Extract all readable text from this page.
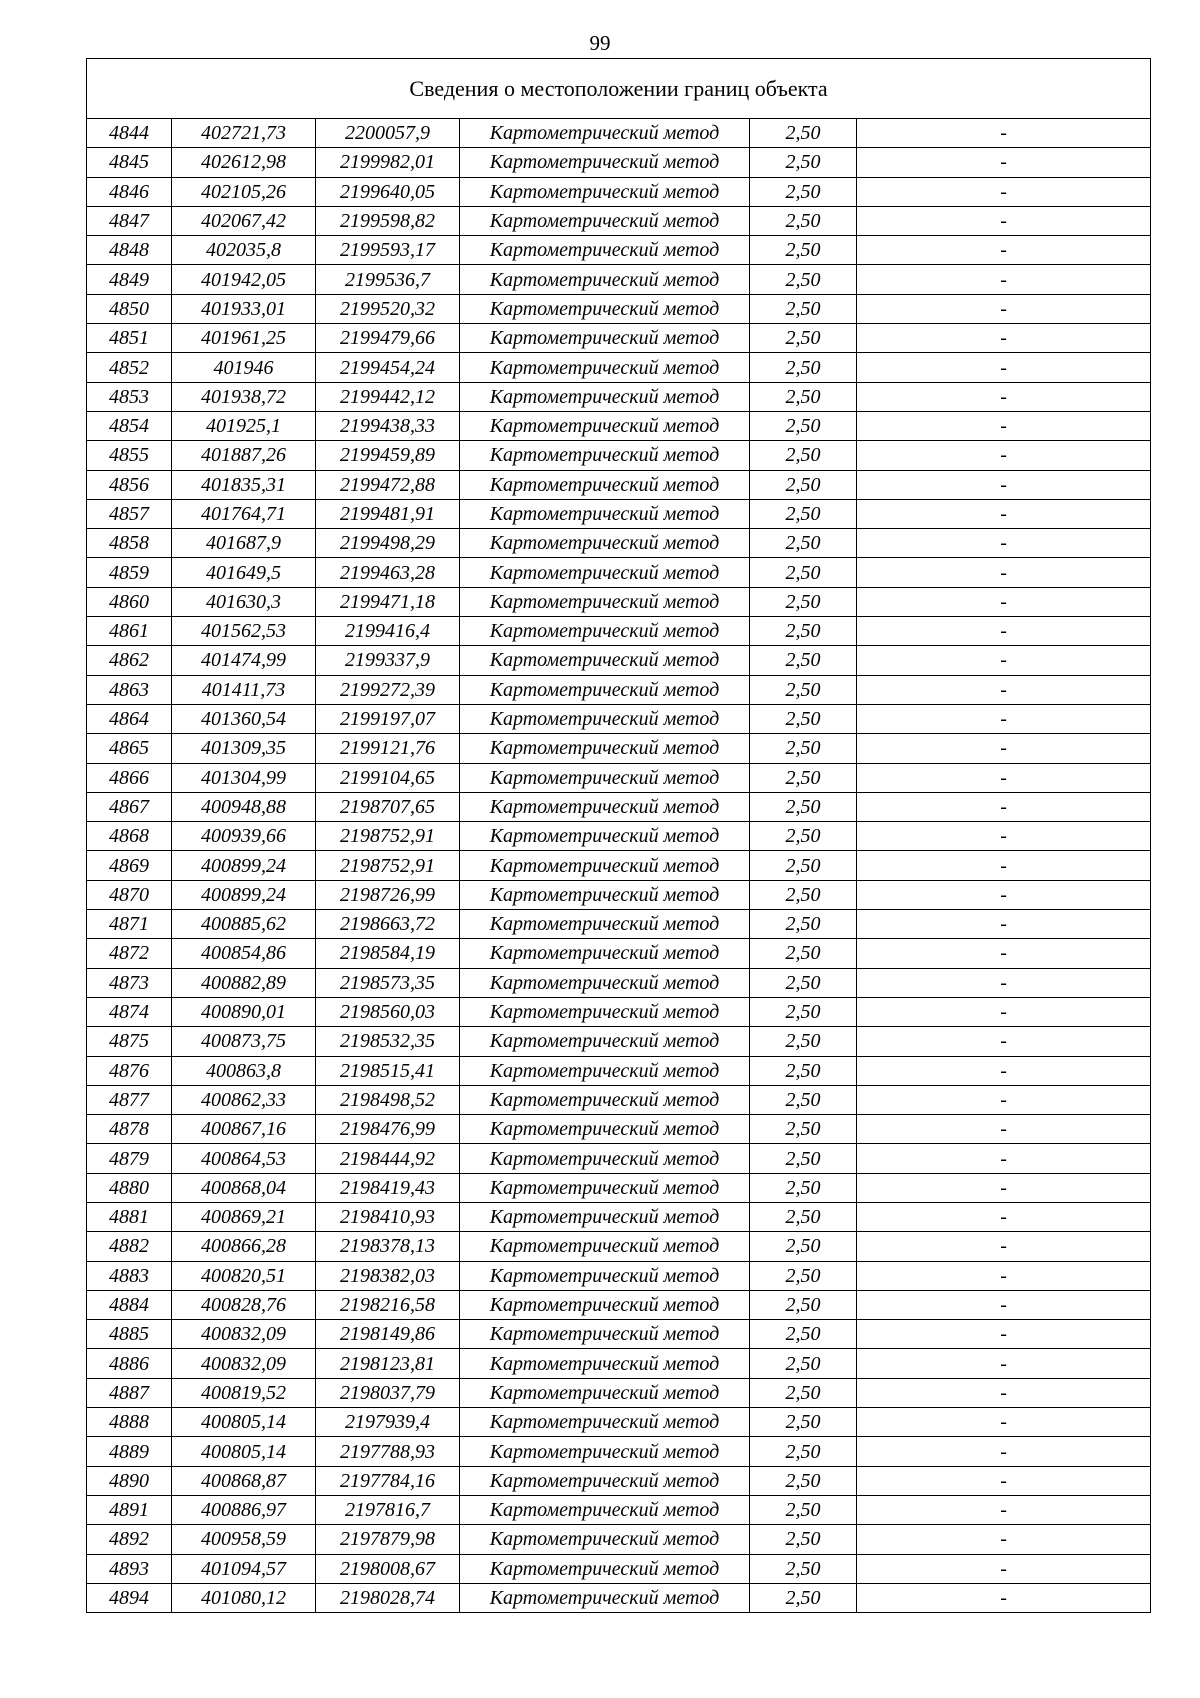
99
Сведения о местоположении границ объекта					
4844	402721,73	2200057,9	Картометрический метод	2,50	-
4845	402612,98	2199982,01	Картометрический метод	2,50	-
4846	402105,26	2199640,05	Картометрический метод	2,50	-
4847	402067,42	2199598,82	Картометрический метод	2,50	-
4848	402035,8	2199593,17	Картометрический метод	2,50	-
4849	401942,05	2199536,7	Картометрический метод	2,50	-
4850	401933,01	2199520,32	Картометрический метод	2,50	-
4851	401961,25	2199479,66	Картометрический метод	2,50	-
4852	401946	2199454,24	Картометрический метод	2,50	-
4853	401938,72	2199442,12	Картометрический метод	2,50	-
4854	401925,1	2199438,33	Картометрический метод	2,50	-
4855	401887,26	2199459,89	Картометрический метод	2,50	-
4856	401835,31	2199472,88	Картометрический метод	2,50	-
4857	401764,71	2199481,91	Картометрический метод	2,50	-
4858	401687,9	2199498,29	Картометрический метод	2,50	-
4859	401649,5	2199463,28	Картометрический метод	2,50	-
4860	401630,3	2199471,18	Картометрический метод	2,50	-
4861	401562,53	2199416,4	Картометрический метод	2,50	-
4862	401474,99	2199337,9	Картометрический метод	2,50	-
4863	401411,73	2199272,39	Картометрический метод	2,50	-
4864	401360,54	2199197,07	Картометрический метод	2,50	-
4865	401309,35	2199121,76	Картометрический метод	2,50	-
4866	401304,99	2199104,65	Картометрический метод	2,50	-
4867	400948,88	2198707,65	Картометрический метод	2,50	-
4868	400939,66	2198752,91	Картометрический метод	2,50	-
4869	400899,24	2198752,91	Картометрический метод	2,50	-
4870	400899,24	2198726,99	Картометрический метод	2,50	-
4871	400885,62	2198663,72	Картометрический метод	2,50	-
4872	400854,86	2198584,19	Картометрический метод	2,50	-
4873	400882,89	2198573,35	Картометрический метод	2,50	-
4874	400890,01	2198560,03	Картометрический метод	2,50	-
4875	400873,75	2198532,35	Картометрический метод	2,50	-
4876	400863,8	2198515,41	Картометрический метод	2,50	-
4877	400862,33	2198498,52	Картометрический метод	2,50	-
4878	400867,16	2198476,99	Картометрический метод	2,50	-
4879	400864,53	2198444,92	Картометрический метод	2,50	-
4880	400868,04	2198419,43	Картометрический метод	2,50	-
4881	400869,21	2198410,93	Картометрический метод	2,50	-
4882	400866,28	2198378,13	Картометрический метод	2,50	-
4883	400820,51	2198382,03	Картометрический метод	2,50	-
4884	400828,76	2198216,58	Картометрический метод	2,50	-
4885	400832,09	2198149,86	Картометрический метод	2,50	-
4886	400832,09	2198123,81	Картометрический метод	2,50	-
4887	400819,52	2198037,79	Картометрический метод	2,50	-
4888	400805,14	2197939,4	Картометрический метод	2,50	-
4889	400805,14	2197788,93	Картометрический метод	2,50	-
4890	400868,87	2197784,16	Картометрический метод	2,50	-
4891	400886,97	2197816,7	Картометрический метод	2,50	-
4892	400958,59	2197879,98	Картометрический метод	2,50	-
4893	401094,57	2198008,67	Картометрический метод	2,50	-
4894	401080,12	2198028,74	Картометрический метод	2,50	-
